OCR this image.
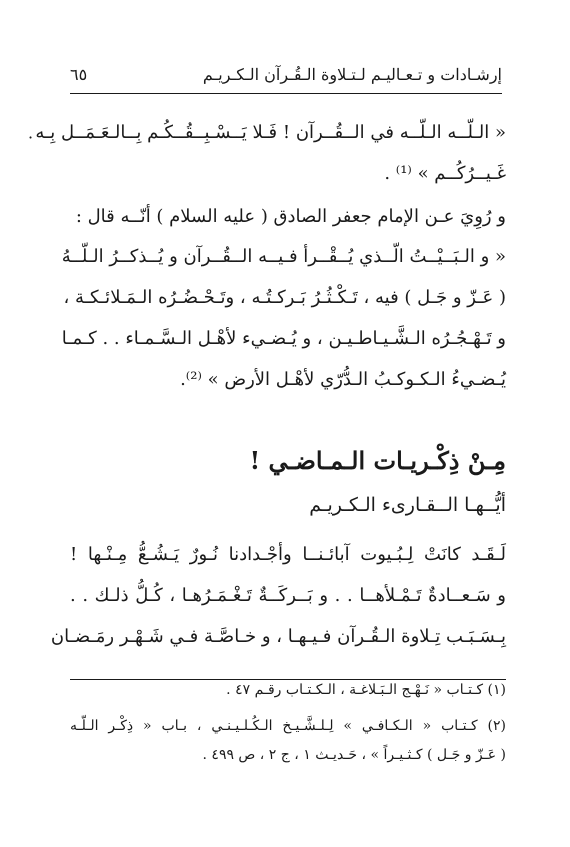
إرشـادات و تـعـاليـم لـتـلاوة الـقُـرآن الـكـريـم
٦٥
· « الـلّــه الـلّــه في الــقُــرآن ! فَـلا يَــسْـبِــقُــكُـم بِــالـعَـمَــل بِـه
غَـيــرُكُــم » ⁽¹⁾ .
و رُوِيَ عـن الإمام جعفر الصادق ( عليه السلام ) أنّــه قال :
« و الـبَــيْــتُ الّــذي يُــقْــرأ فـيــه الــقُــرآن و يُــذكــرُ الـلّــهُ
( عَـزّ و جَـل ) فيه ، تَـكْـثُـرُ بَـركـتُـه ، وتَـحْـضُـرُه الـمَـلائـكـة ،
و تَـهْـجُـرُه الـشَّـيـاطـيـن ، و يُـضـيء لأهْـل الـسَّـمـاء . . كـمـا
يُـضـيءُ الـكـوكـبُ الـدُّرّي لأهْـل الأرض » ⁽²⁾.
مِـنْ ذِكْـريـات الـمـاضـي !
أيُّــهـا الــقـارىء الـكـريـم
لَـقَـد كانَتْ لِـبُـيوت آبائـنــا وأجْـدادنا نُـورٌ يَـشُـعُّ مِـنْـها !
و سَـعــادةٌ تَـمْـلأهــا . . و بَــركَــةٌ تَـغْـمَـرُهـا ، كُـلُّ ذلـك . .
بِـسَـبَـب تِـلاوة الـقُـرآن فـيـهـا ، و خـاصَّـة فـي شَـهْـر رمَـضـان
(١) كـتـاب « نَـهْـج الـبَـلاغـة ، الـكـتـاب رقـم ٤٧ .
(٢) كـتـاب « الـكـافـي » لِـلـشَّـيـخ الـكُـلـيـنـي ، بـاب « ذِكْـر الـلّـه
( عَـزّ و جَـل ) كـثـيـراً » ، حَـديـث ١ ، ج ٢ ، ص ٤٩٩ .
